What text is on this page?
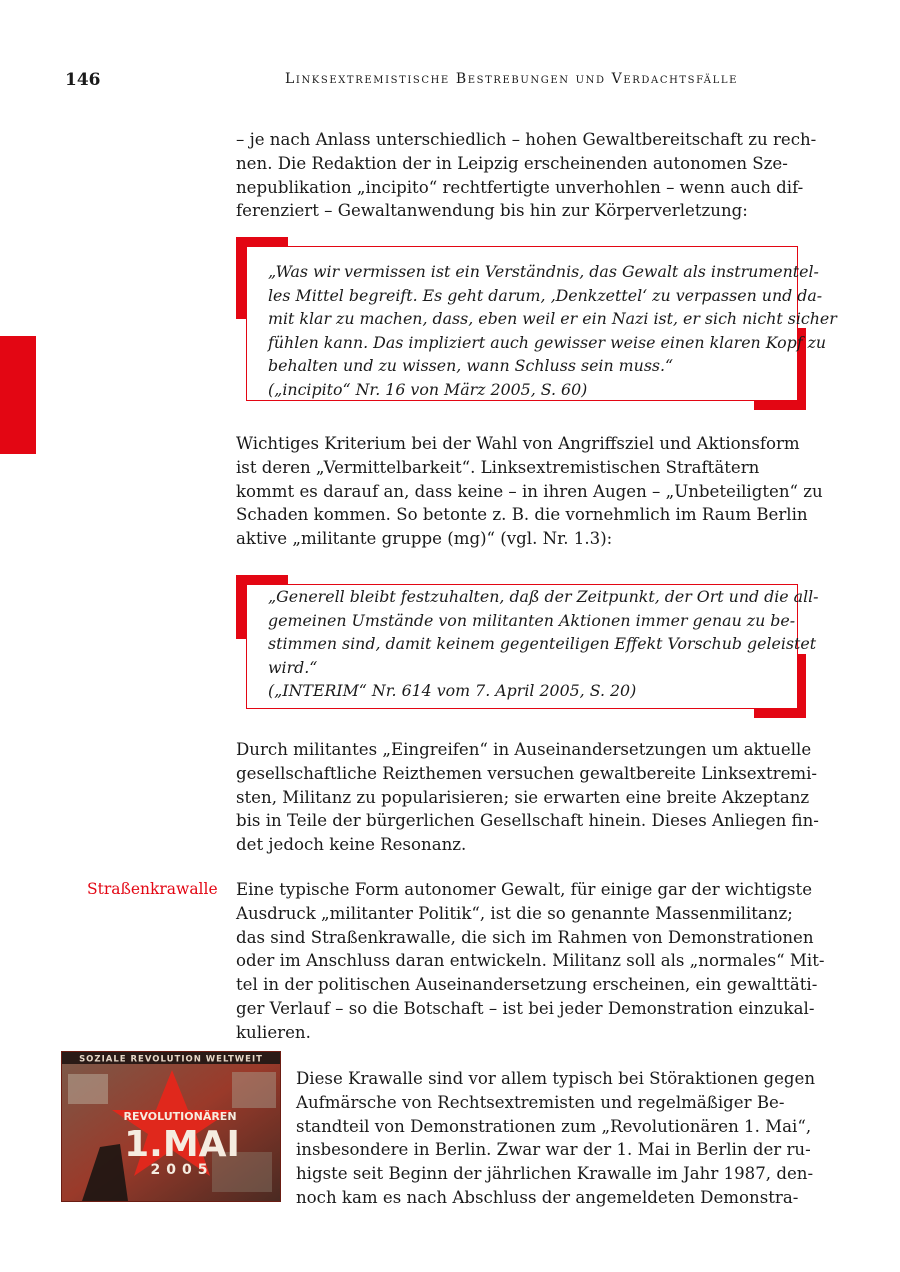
146	Linksextremistische Bestrebungen und Verdachtsfälle

– je nach Anlass unterschiedlich – hohen Gewaltbereitschaft zu rech-
nen. Die Redaktion der in Leipzig erscheinenden autonomen Sze-
nepublikation „incipito“ rechtfertigte unverhohlen – wenn auch dif-
ferenziert – Gewaltanwendung bis hin zur Körperverletzung:

„Was wir vermissen ist ein Verständnis, das Gewalt als instrumentel-
les Mittel begreift. Es geht darum, ‚Denkzettel‘ zu verpassen und da-
mit klar zu machen, dass, eben weil er ein Nazi ist, er sich nicht sicher
fühlen kann. Das impliziert auch gewisser weise einen klaren Kopf zu
behalten und zu wissen, wann Schluss sein muss.“
(„incipito“ Nr. 16 von März 2005, S. 60)

Wichtiges Kriterium bei der Wahl von Angriffsziel und Aktionsform
ist deren „Vermittelbarkeit“. Linksextremistischen Straftätern
kommt es darauf an, dass keine – in ihren Augen – „Unbeteiligten“ zu
Schaden kommen. So betonte z. B. die vornehmlich im Raum Berlin
aktive „militante gruppe (mg)“ (vgl. Nr. 1.3):

„Generell bleibt festzuhalten, daß der Zeitpunkt, der Ort und die all-
gemeinen Umstände von militanten Aktionen immer genau zu be-
stimmen sind, damit keinem gegenteiligen Effekt Vorschub geleistet
wird.“
(„INTERIM“ Nr. 614 vom 7. April 2005, S. 20)

Durch militantes „Eingreifen“ in Auseinandersetzungen um aktuelle
gesellschaftliche Reizthemen versuchen gewaltbereite Linksextremi-
sten, Militanz zu popularisieren; sie erwarten eine breite Akzeptanz
bis in Teile der bürgerlichen Gesellschaft hinein. Dieses Anliegen fin-
det jedoch keine Resonanz.

Straßenkrawalle Eine typische Form autonomer Gewalt, für einige gar der wichtigste
Ausdruck „militanter Politik“, ist die so genannte Massenmilitanz;
das sind Straßenkrawalle, die sich im Rahmen von Demonstrationen
oder im Anschluss daran entwickeln. Militanz soll als „normales“ Mit-
tel in der politischen Auseinandersetzung erscheinen, ein gewalttäti-
ger Verlauf – so die Botschaft – ist bei jeder Demonstration einzukal-
kulieren.

SOZIALE REVOLUTION WELTWEIT
REVOLUTIONÄREN
1.MAI
2005

Diese Krawalle sind vor allem typisch bei Störaktionen gegen
Aufmärsche von Rechtsextremisten und regelmäßiger Be-
standteil von Demonstrationen zum „Revolutionären 1. Mai“,
insbesondere in Berlin. Zwar war der 1. Mai in Berlin der ru-
higste seit Beginn der jährlichen Krawalle im Jahr 1987, den-
noch kam es nach Abschluss der angemeldeten Demonstra-
